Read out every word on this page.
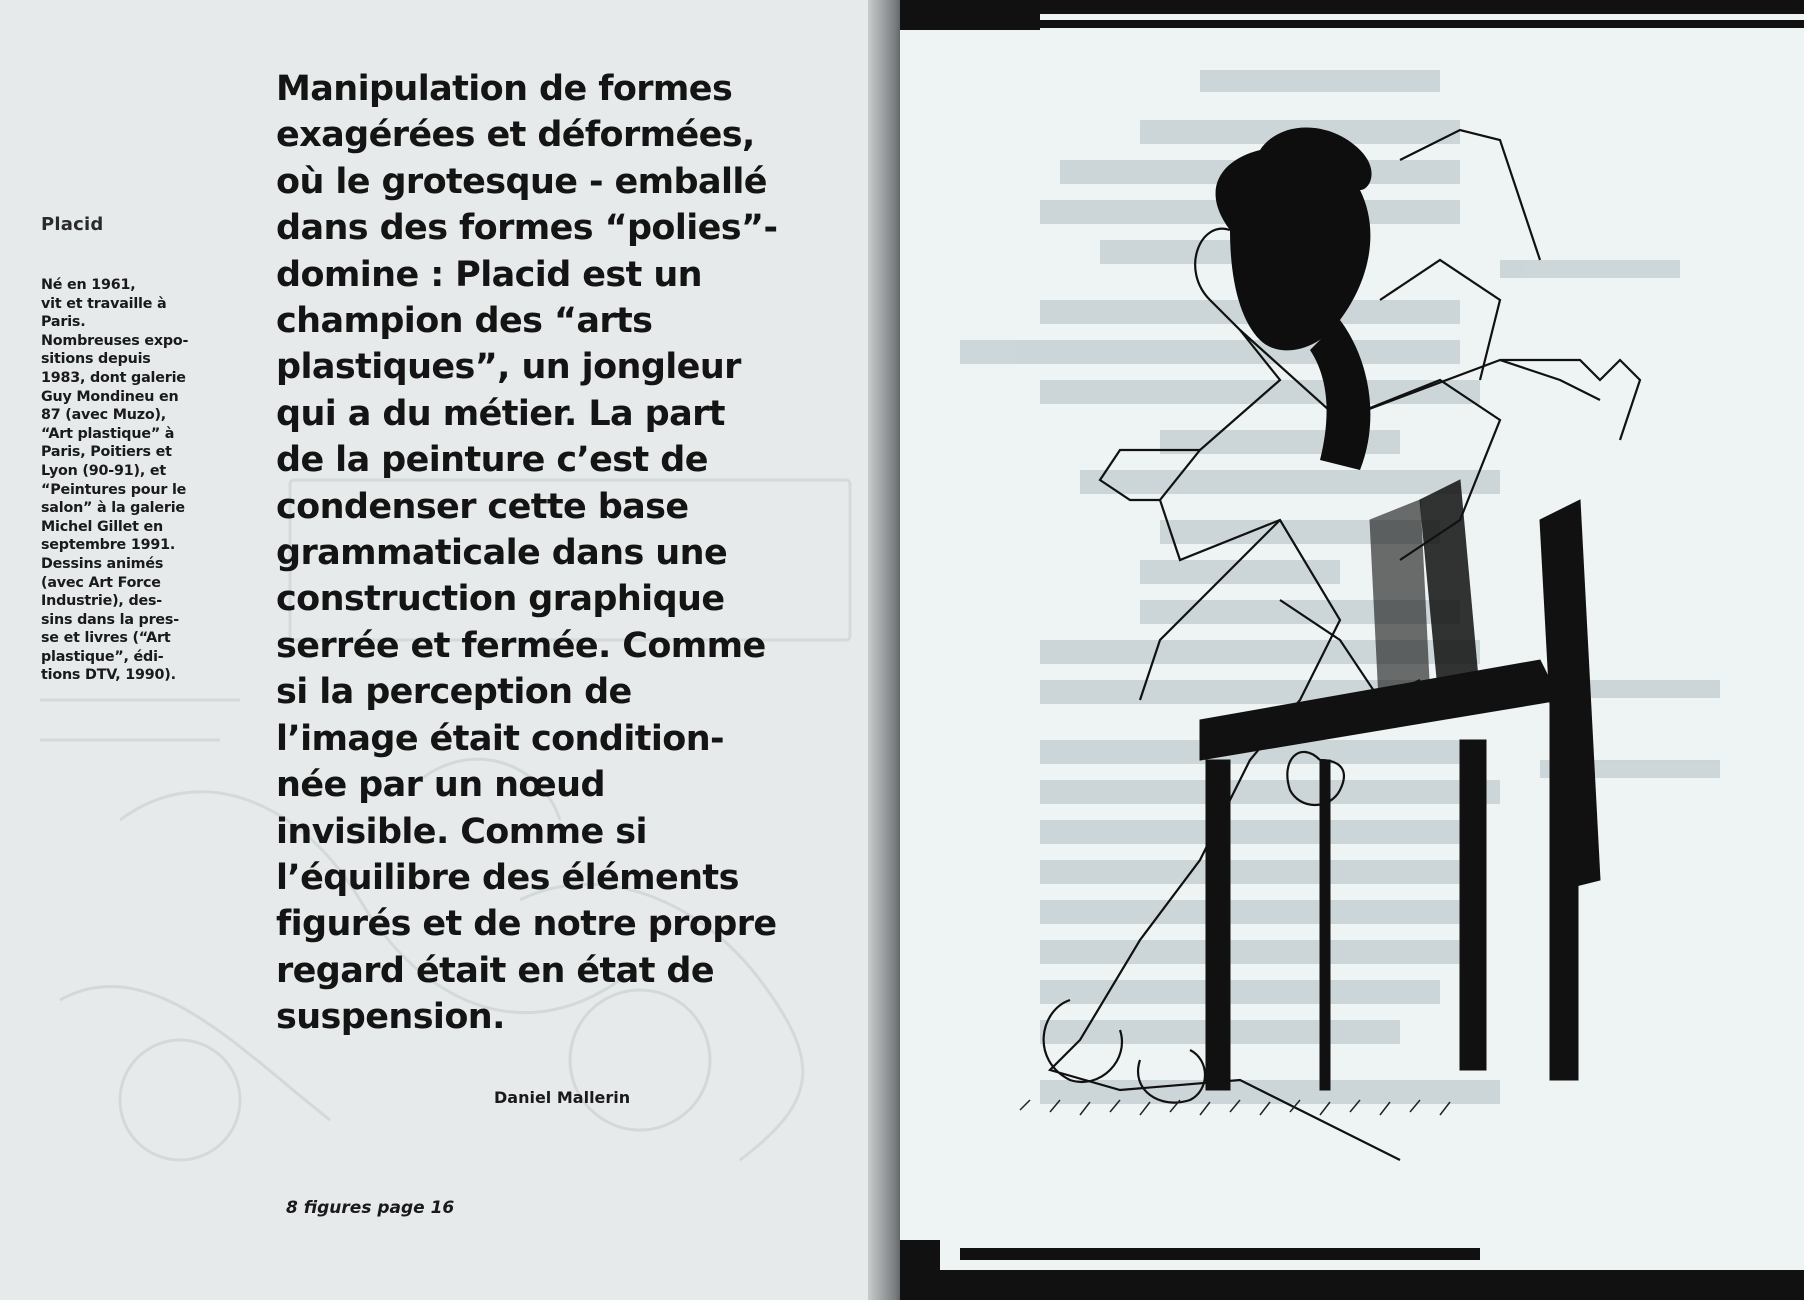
Placid
Né en 1961,
vit et travaille à
Paris.
Nombreuses expo-
sitions depuis
1983, dont galerie
Guy Mondineu en
87 (avec Muzo),
“Art plastique” à
Paris, Poitiers et
Lyon (90-91), et
“Peintures pour le
salon” à la galerie
Michel Gillet en
septembre 1991.
Dessins animés
(avec Art Force
Industrie), des-
sins dans la pres-
se et livres (“Art
plastique”, édi-
tions DTV, 1990).
Manipulation de formes
exagérées et déformées,
où le grotesque - emballé
dans des formes “polies”-
domine : Placid est un
champion des “arts
plastiques”, un jongleur
qui a du métier. La part
de la peinture c’est de
condenser cette base
grammaticale dans une
construction graphique
serrée et fermée. Comme
si la perception de
l’image était condition-
née par un nœud
invisible. Comme si
l’équilibre des éléments
figurés et de notre propre
regard était en état de
suspension.
Daniel Mallerin
8 figures page 16
